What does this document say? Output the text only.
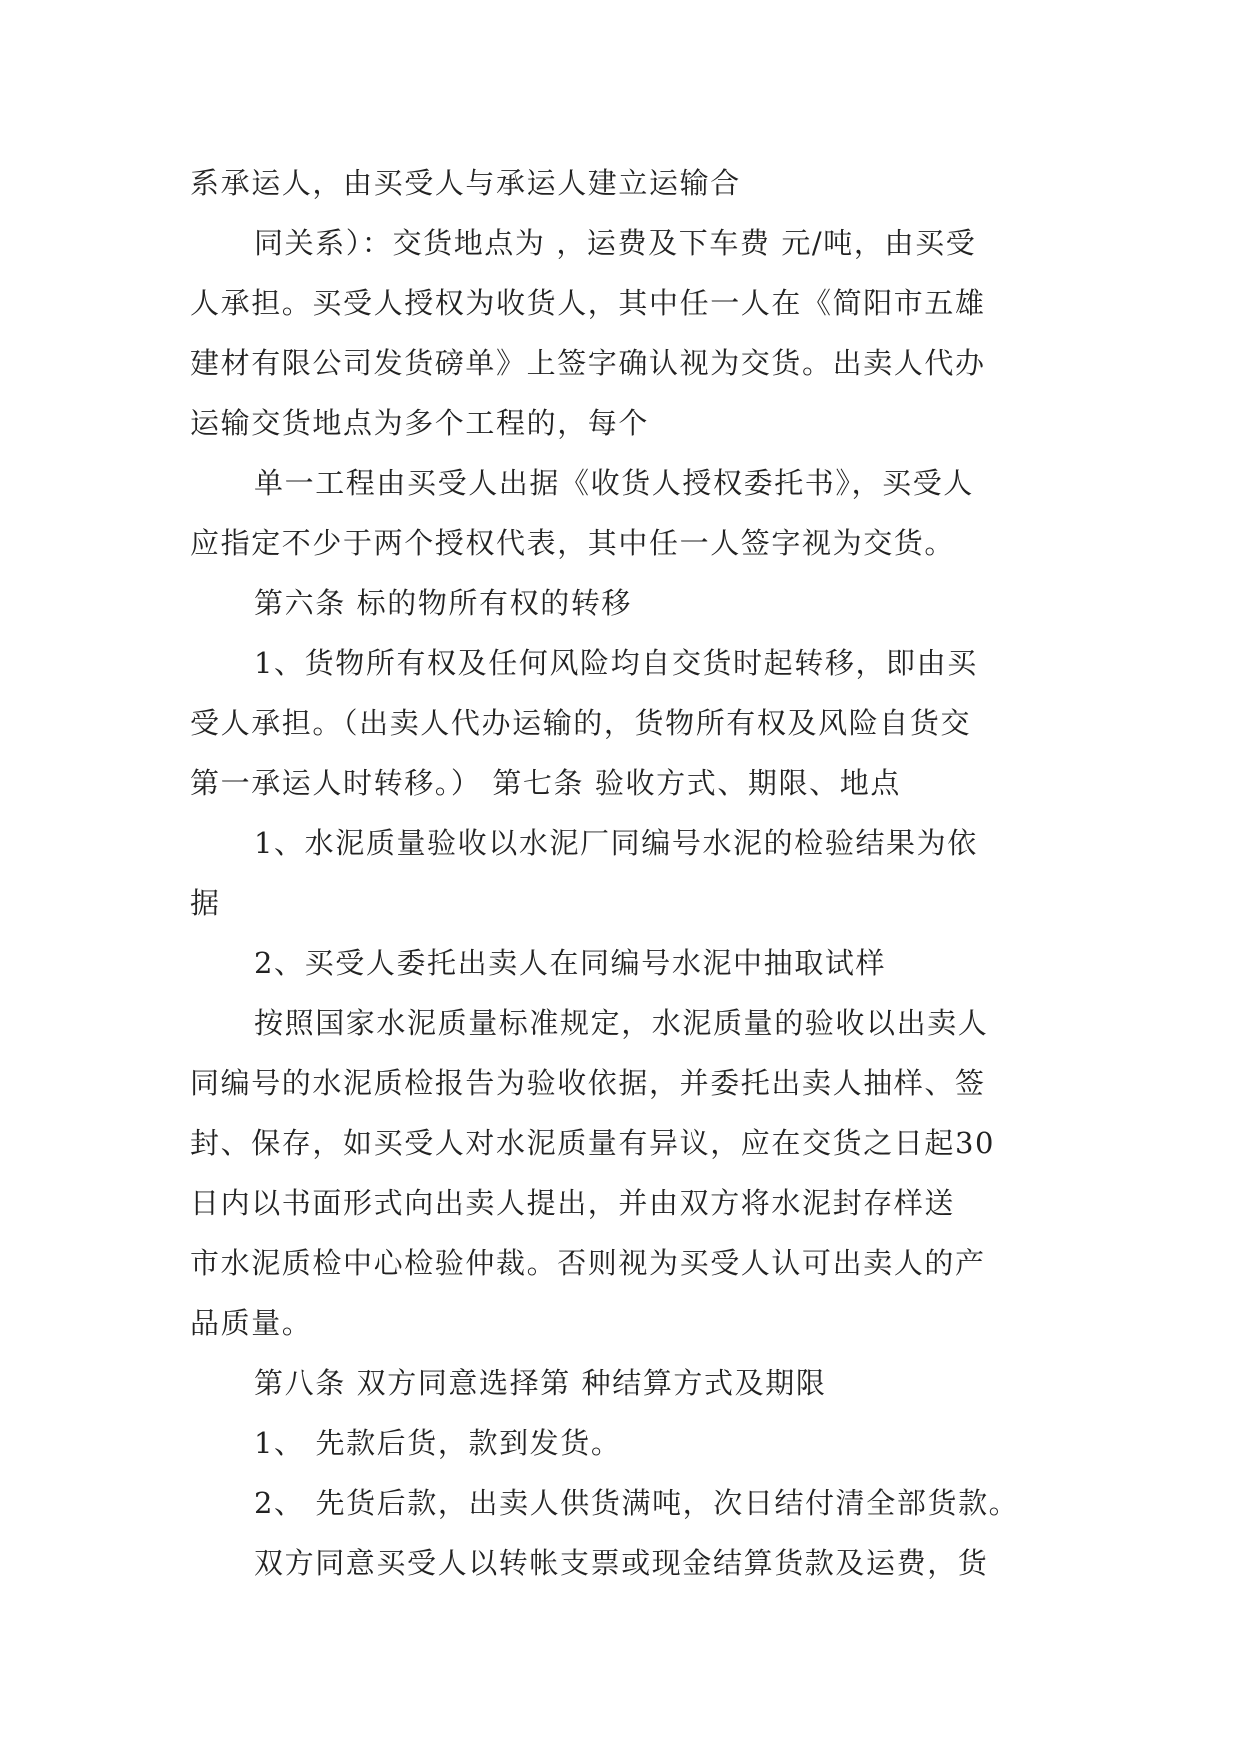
系承运人，由买受人与承运人建立运输合
同关系）：交货地点为 ，运费及下车费 元/吨，由买受
人承担。买受人授权为收货人，其中任一人在《简阳市五雄
建材有限公司发货磅单》上签字确认视为交货。出卖人代办
运输交货地点为多个工程的，每个
单一工程由买受人出据《收货人授权委托书》，买受人
应指定不少于两个授权代表，其中任一人签字视为交货。
第六条 标的物所有权的转移
1、货物所有权及任何风险均自交货时起转移，即由买
受人承担。（出卖人代办运输的，货物所有权及风险自货交
第一承运人时转移。） 第七条 验收方式、期限、地点
1、水泥质量验收以水泥厂同编号水泥的检验结果为依
据
2、买受人委托出卖人在同编号水泥中抽取试样
按照国家水泥质量标准规定，水泥质量的验收以出卖人
同编号的水泥质检报告为验收依据，并委托出卖人抽样、签
封、保存，如买受人对水泥质量有异议，应在交货之日起30
日内以书面形式向出卖人提出，并由双方将水泥封存样送
市水泥质检中心检验仲裁。否则视为买受人认可出卖人的产
品质量。
第八条 双方同意选择第 种结算方式及期限
1、 先款后货，款到发货。
2、 先货后款，出卖人供货满吨，次日结付清全部货款。
双方同意买受人以转帐支票或现金结算货款及运费，货
